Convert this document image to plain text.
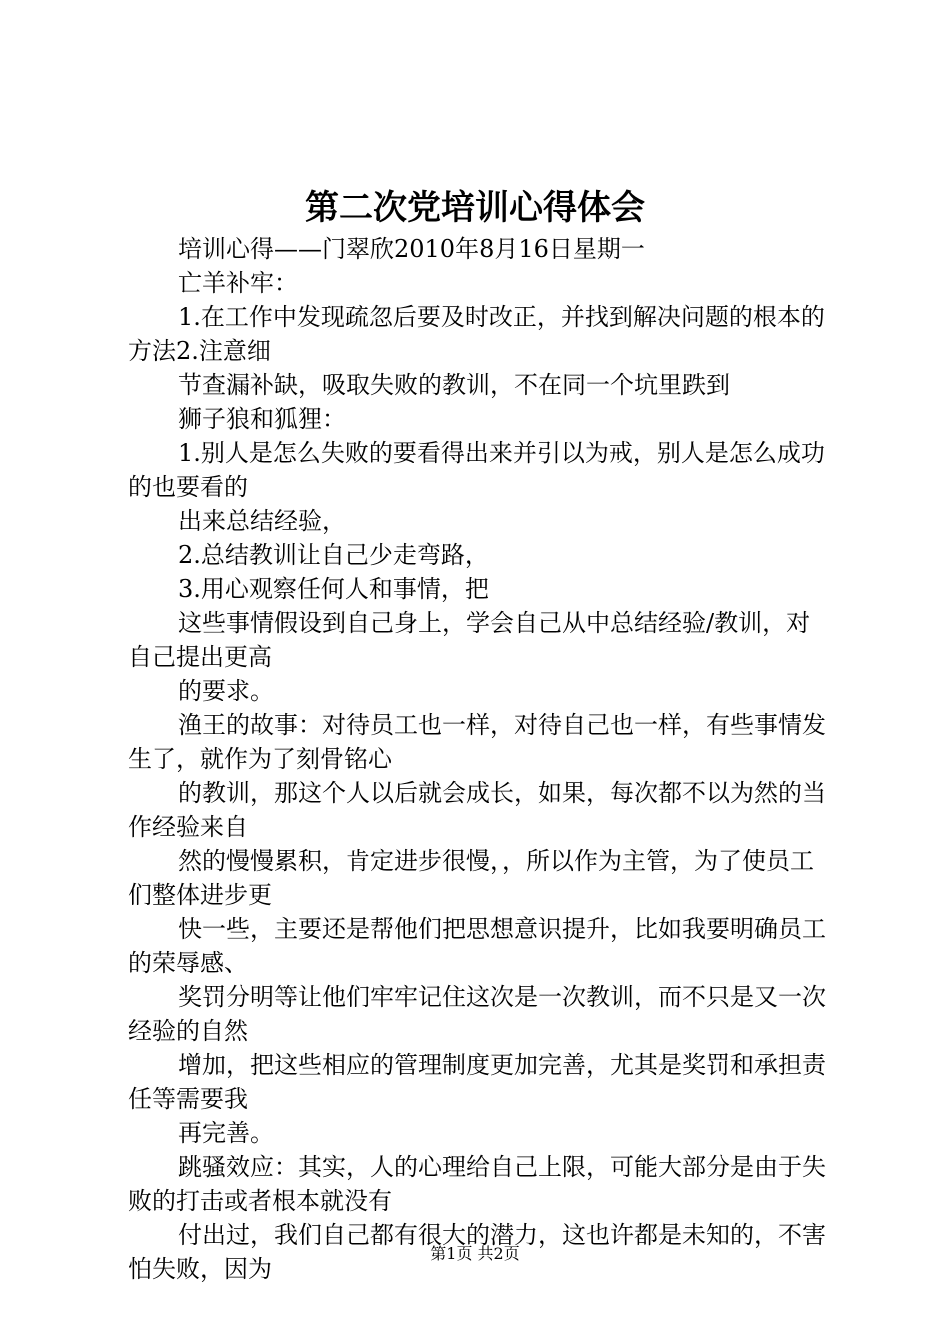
第二次党培训心得体会

培训心得——门翠欣2010年8月16日星期一

亡羊补牢：

1.在工作中发现疏忽后要及时改正，并找到解决问题的根本的方法2.注意细

节查漏补缺，吸取失败的教训，不在同一个坑里跌到

狮子狼和狐狸：

1.别人是怎么失败的要看得出来并引以为戒，别人是怎么成功的也要看的

出来总结经验，

2.总结教训让自己少走弯路，

3.用心观察任何人和事情，把

这些事情假设到自己身上，学会自己从中总结经验/教训，对自己提出更高

的要求。

渔王的故事：对待员工也一样，对待自己也一样，有些事情发生了，就作为了刻骨铭心

的教训，那这个人以后就会成长，如果，每次都不以为然的当作经验来自

然的慢慢累积，肯定进步很慢，，所以作为主管，为了使员工们整体进步更

快一些，主要还是帮他们把思想意识提升，比如我要明确员工的荣辱感、

奖罚分明等让他们牢牢记住这次是一次教训，而不只是又一次经验的自然

增加，把这些相应的管理制度更加完善，尤其是奖罚和承担责任等需要我

再完善。

跳骚效应：其实，人的心理给自己上限，可能大部分是由于失败的打击或者根本就没有

付出过，我们自己都有很大的潜力，这也许都是未知的，不害怕失败，因为

第1页 共2页
